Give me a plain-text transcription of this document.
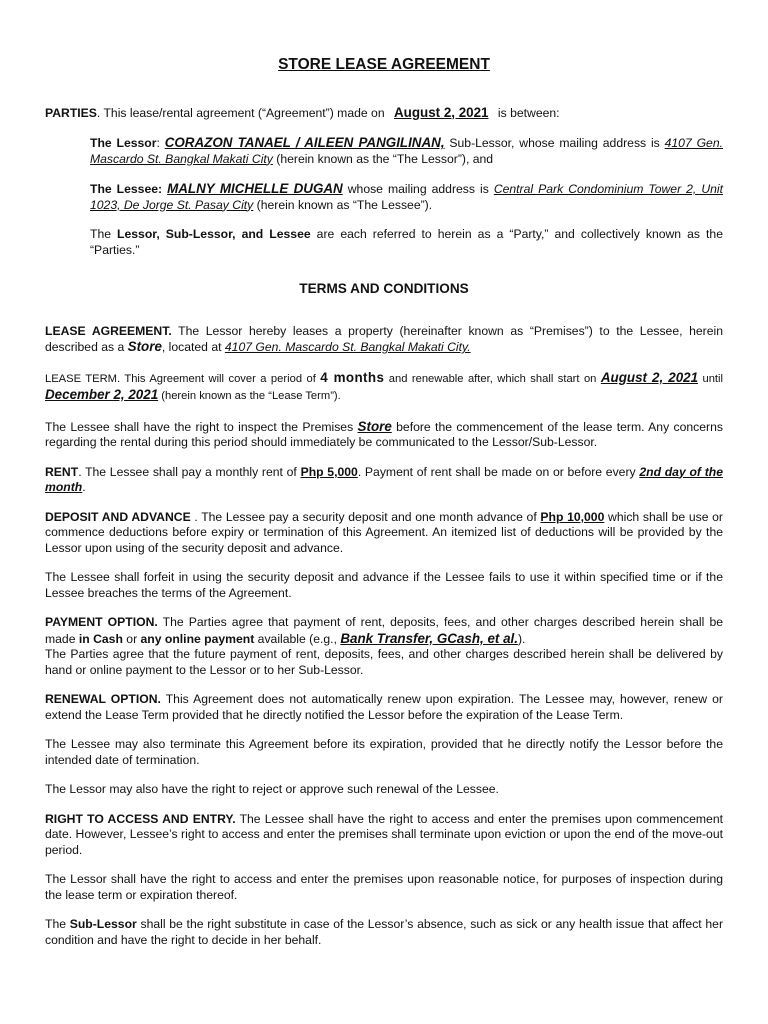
STORE LEASE AGREEMENT

PARTIES. This lease/rental agreement (“Agreement”) made on August 2, 2021 is between:

The Lessor: CORAZON TANAEL / AILEEN PANGILINAN, Sub-Lessor, whose mailing address is 4107 Gen. Mascardo St. Bangkal Makati City (herein known as the “The Lessor”), and

The Lessee: MALNY MICHELLE DUGAN whose mailing address is Central Park Condominium Tower 2, Unit 1023, De Jorge St. Pasay City (herein known as “The Lessee”).

The Lessor, Sub-Lessor, and Lessee are each referred to herein as a “Party,” and collectively known as the “Parties.”

TERMS AND CONDITIONS

LEASE AGREEMENT. The Lessor hereby leases a property (hereinafter known as “Premises”) to the Lessee, herein described as a Store, located at 4107 Gen. Mascardo St. Bangkal Makati City.

LEASE TERM. This Agreement will cover a period of 4 months and renewable after, which shall start on August 2, 2021 until December 2, 2021 (herein known as the “Lease Term”).

The Lessee shall have the right to inspect the Premises Store before the commencement of the lease term. Any concerns regarding the rental during this period should immediately be communicated to the Lessor/Sub-Lessor.

RENT. The Lessee shall pay a monthly rent of Php 5,000. Payment of rent shall be made on or before every 2nd day of the month.

DEPOSIT AND ADVANCE . The Lessee pay a security deposit and one month advance of Php 10,000 which shall be use or commence deductions before expiry or termination of this Agreement. An itemized list of deductions will be provided by the Lessor upon using of the security deposit and advance.

The Lessee shall forfeit in using the security deposit and advance if the Lessee fails to use it within specified time or if the Lessee breaches the terms of the Agreement.

PAYMENT OPTION. The Parties agree that payment of rent, deposits, fees, and other charges described herein shall be made in Cash or any online payment available (e.g., Bank Transfer, GCash, et al.).

The Parties agree that the future payment of rent, deposits, fees, and other charges described herein shall be delivered by hand or online payment to the Lessor or to her Sub-Lessor.

RENEWAL OPTION. This Agreement does not automatically renew upon expiration. The Lessee may, however, renew or extend the Lease Term provided that he directly notified the Lessor before the expiration of the Lease Term.

The Lessee may also terminate this Agreement before its expiration, provided that he directly notify the Lessor before the intended date of termination.

The Lessor may also have the right to reject or approve such renewal of the Lessee.

RIGHT TO ACCESS AND ENTRY. The Lessee shall have the right to access and enter the premises upon commencement date. However, Lessee’s right to access and enter the premises shall terminate upon eviction or upon the end of the move-out period.

The Lessor shall have the right to access and enter the premises upon reasonable notice, for purposes of inspection during the lease term or expiration thereof.

The Sub-Lessor shall be the right substitute in case of the Lessor’s absence, such as sick or any health issue that affect her condition and have the right to decide in her behalf.
